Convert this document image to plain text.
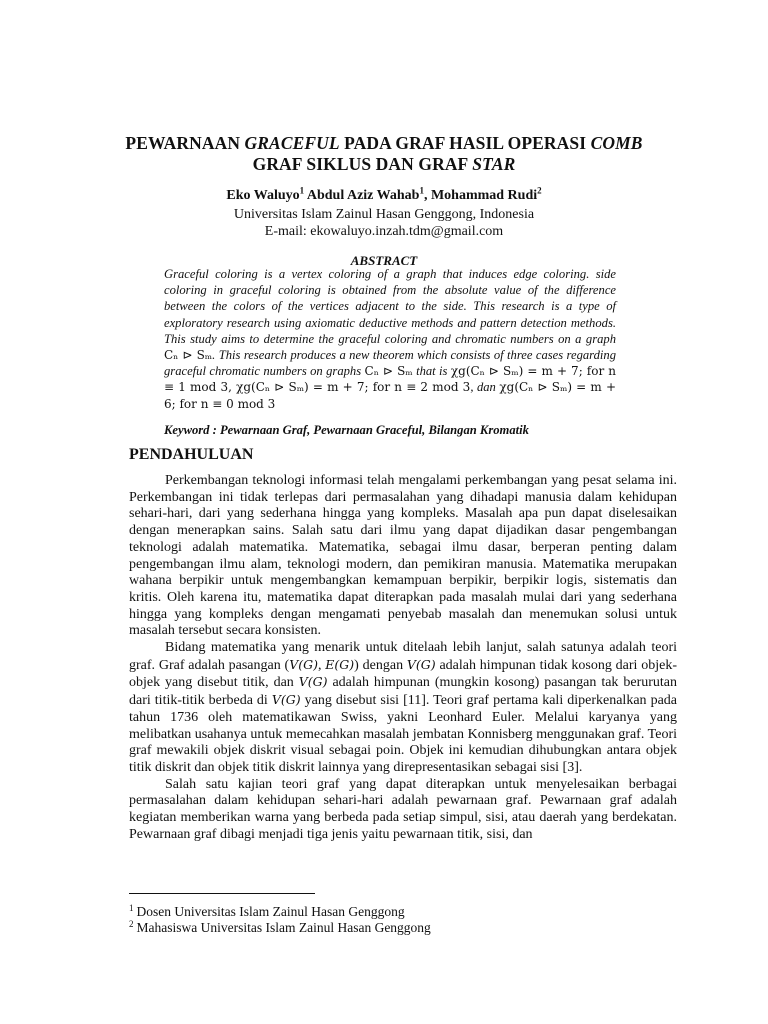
PEWARNAAN GRACEFUL PADA GRAF HASIL OPERASI COMB
GRAF SIKLUS DAN GRAF STAR
Eko Waluyo$^1$ Abdul Aziz Wahab$^1$, Mohammad Rudi$^2$
Universitas Islam Zainul Hasan Genggong, Indonesia
E-mail: ekowaluyo.inzah.tdm@gmail.com
ABSTRACT
Graceful coloring is a vertex coloring of a graph that induces edge coloring. side coloring in graceful coloring is obtained from the absolute value of the difference between the colors of the vertices adjacent to the side. This research is a type of exploratory research using axiomatic deductive methods and pattern detection methods. This study aims to determine the graceful coloring and chromatic numbers on a graph Cₙ ⊳ Sₘ. This research produces a new theorem which consists of three cases regarding graceful chromatic numbers on graphs Cₙ ⊳ Sₘ that is χg(Cₙ ⊳ Sₘ) = m + 7; for n ≡ 1 mod 3, χg(Cₙ ⊳ Sₘ) = m + 7; for n ≡ 2 mod 3, dan χg(Cₙ ⊳ Sₘ) = m + 6; for n ≡ 0 mod 3
Keyword : Pewarnaan Graf, Pewarnaan Graceful, Bilangan Kromatik
PENDAHULUAN

Perkembangan teknologi informasi telah mengalami perkembangan yang pesat selama ini. Perkembangan ini tidak terlepas dari permasalahan yang dihadapi manusia dalam kehidupan sehari-hari, dari yang sederhana hingga yang kompleks. Masalah apa pun dapat diselesaikan dengan menerapkan sains. Salah satu dari ilmu yang dapat dijadikan dasar pengembangan teknologi adalah matematika. Matematika, sebagai ilmu dasar, berperan penting dalam pengembangan ilmu alam, teknologi modern, dan pemikiran manusia. Matematika merupakan wahana berpikir untuk mengembangkan kemampuan berpikir, berpikir logis, sistematis dan kritis. Oleh karena itu, matematika dapat diterapkan pada masalah mulai dari yang sederhana hingga yang kompleks dengan mengamati penyebab masalah dan menemukan solusi untuk masalah tersebut secara konsisten.

Bidang matematika yang menarik untuk ditelaah lebih lanjut, salah satunya adalah teori graf. Graf adalah pasangan (V(G), E(G)) dengan V(G) adalah himpunan tidak kosong dari objek-objek yang disebut titik, dan V(G) adalah himpunan (mungkin kosong) pasangan tak berurutan dari titik-titik berbeda di V(G) yang disebut sisi [11]. Teori graf pertama kali diperkenalkan pada tahun 1736 oleh matematikawan Swiss, yakni Leonhard Euler. Melalui karyanya yang melibatkan usahanya untuk memecahkan masalah jembatan Konnisberg menggunakan graf. Teori graf mewakili objek diskrit visual sebagai poin. Objek ini kemudian dihubungkan antara objek titik diskrit dan objek titik diskrit lainnya yang direpresentasikan sebagai sisi [3].

Salah satu kajian teori graf yang dapat diterapkan untuk menyelesaikan berbagai permasalahan dalam kehidupan sehari-hari adalah pewarnaan graf. Pewarnaan graf adalah kegiatan memberikan warna yang berbeda pada setiap simpul, sisi, atau daerah yang berdekatan. Pewarnaan graf dibagi menjadi tiga jenis yaitu pewarnaan titik, sisi, dan

$^1$ Dosen Universitas Islam Zainul Hasan Genggong
$^2$ Mahasiswa Universitas Islam Zainul Hasan Genggong
